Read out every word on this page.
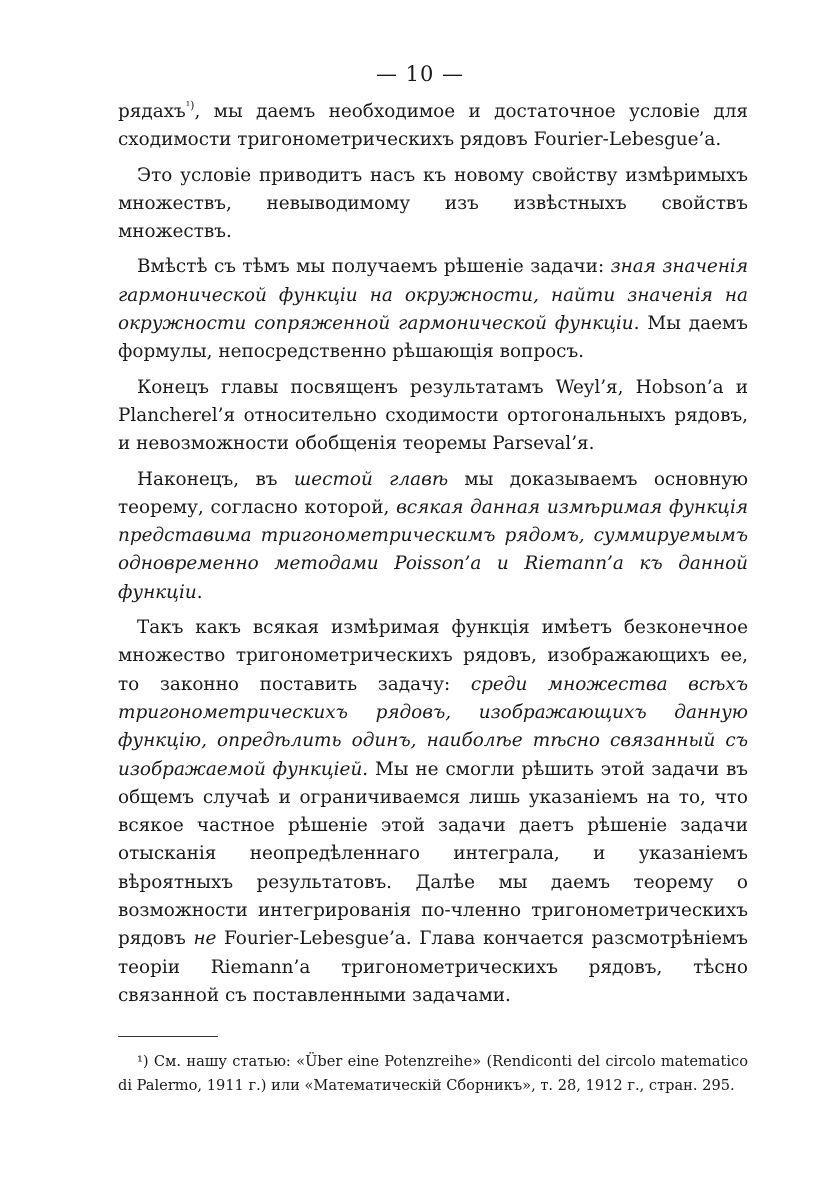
— 10 —

рядахъ$^{^1)}$, мы даемъ необходимое и достаточное условіе для сходимости тригонометрическихъ рядовъ Fourier-Lebesgue’а.

Это условіе приводитъ насъ къ новому свойству измѣримыхъ множествъ, невыводимому изъ извѣстныхъ свойствъ множествъ.

Вмѣстѣ съ тѣмъ мы получаемъ рѣшеніе задачи: зная значенія гармонической функціи на окружности, найти значенія на окружности сопряженной гармонической функціи. Мы даемъ формулы, непосредственно рѣшающія вопросъ.

Конецъ главы посвященъ результатамъ Weyl’я, Hobson’а и Plancherel’я относительно сходимости ортогональныхъ рядовъ, и невозможности обобщенія теоремы Parseval’я.

Наконецъ, въ шестой главѣ мы доказываемъ основную теорему, согласно которой, всякая данная измѣримая функція представима тригонометрическимъ рядомъ, суммируемымъ одновременно методами Poisson’а и Riemann’а къ данной функціи.

Такъ какъ всякая измѣримая функція имѣетъ безконечное множество тригонометрическихъ рядовъ, изображающихъ ее, то законно поставить задачу: среди множества всѣхъ тригонометрическихъ рядовъ, изображающихъ данную функцію, опредѣлить одинъ, наиболѣе тѣсно связанный съ изображаемой функціей. Мы не смогли рѣшить этой задачи въ общемъ случаѣ и ограничиваемся лишь указаніемъ на то, что всякое частное рѣшеніе этой задачи даетъ рѣшеніе задачи отысканія неопредѣленнаго интеграла, и указаніемъ вѣроятныхъ результатовъ. Далѣе мы даемъ теорему о возможности интегрированія по-членно тригонометрическихъ рядовъ не Fourier-Lebesgue’а. Глава кончается разсмотрѣніемъ теоріи Riemann’а тригонометрическихъ рядовъ, тѣсно связанной съ поставленными задачами.

¹) См. нашу статью: «Über eine Potenzreihe» (Rendiconti del circolo matematico di Palermo, 1911 г.) или «Математическій Сборникъ», т. 28, 1912 г., стран. 295.
